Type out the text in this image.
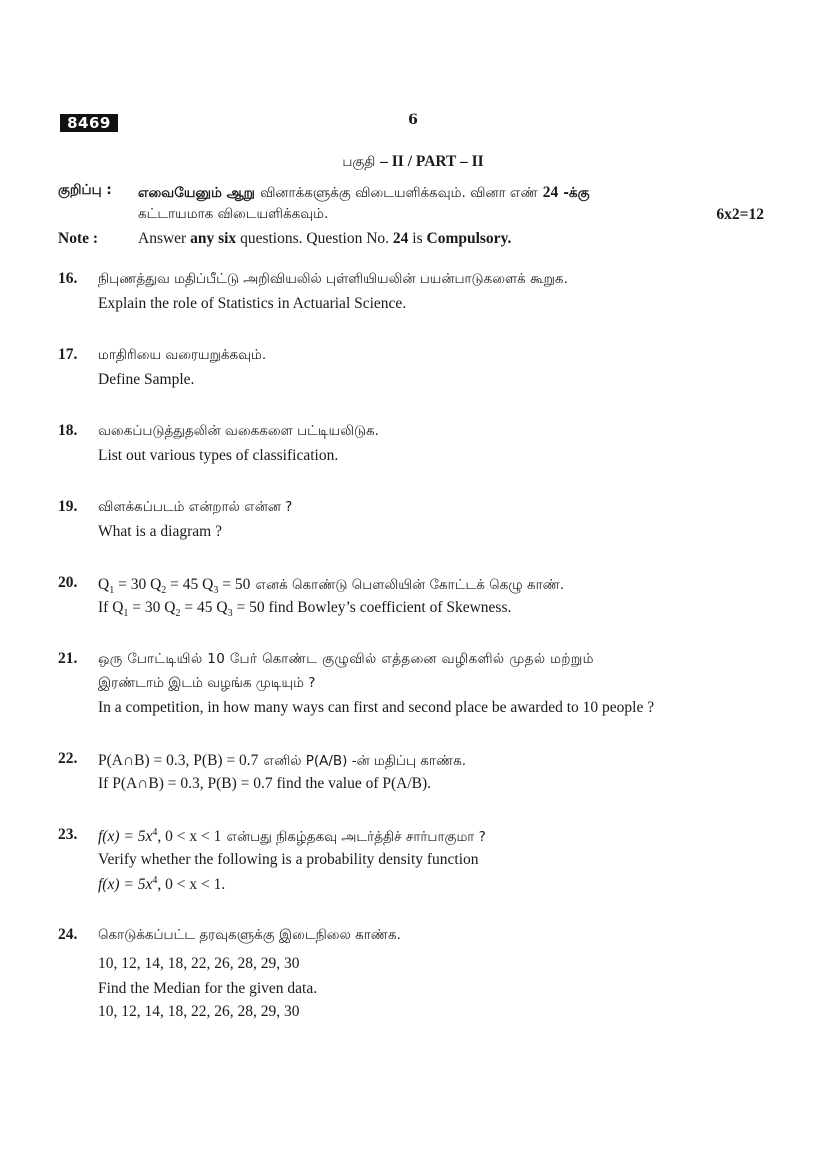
8469	6
பகுதி – II / PART – II
குறிப்பு : எவையேனும் ஆறு வினாக்களுக்கு விடையளிக்கவும். வினா எண் 24 -க்கு
கட்டாயமாக விடையளிக்கவும்.	6x2=12
Note :	Answer any six questions. Question No. 24 is Compulsory.
16.	நிபுணத்துவ மதிப்பீட்டு அறிவியலில் புள்ளியியலின் பயன்பாடுகளைக் கூறுக.
Explain the role of Statistics in Actuarial Science.
17.	மாதிரியை வரையறுக்கவும்.
Define Sample.
18.	வகைப்படுத்துதலின் வகைகளை பட்டியலிடுக.
List out various types of classification.
19.	விளக்கப்படம் என்றால் என்ன ?
What is a diagram ?
20.	$Q_1 = 30$ $Q_2 = 45$ $Q_3 = 50$ எனக் கொண்டு பௌலியின் கோட்டக் கெழு காண்.
If $Q_1 = 30$ $Q_2 = 45$ $Q_3 = 50$ find Bowley’s coefficient of Skewness.
21.	ஒரு போட்டியில் 10 பேர் கொண்ட குழுவில் எத்தனை வழிகளில் முதல் மற்றும்
இரண்டாம் இடம் வழங்க முடியும் ?
In a competition, in how many ways can first and second place be awarded to 10 people ?
22.	P(A∩B) = 0.3, P(B) = 0.7 எனில் P(A/B) -ன் மதிப்பு காண்க.
If P(A∩B) = 0.3, P(B) = 0.7 find the value of P(A/B).
23.	$f(x) = 5x^4$, 0 < x < 1 என்பது நிகழ்தகவு அடர்த்திச் சார்பாகுமா ?
Verify whether the following is a probability density function
$f(x) = 5x^4$, 0 < x < 1.
24.	கொடுக்கப்பட்ட தரவுகளுக்கு இடைநிலை காண்க.
10, 12, 14, 18, 22, 26, 28, 29, 30
Find the Median for the given data.
10, 12, 14, 18, 22, 26, 28, 29, 30
